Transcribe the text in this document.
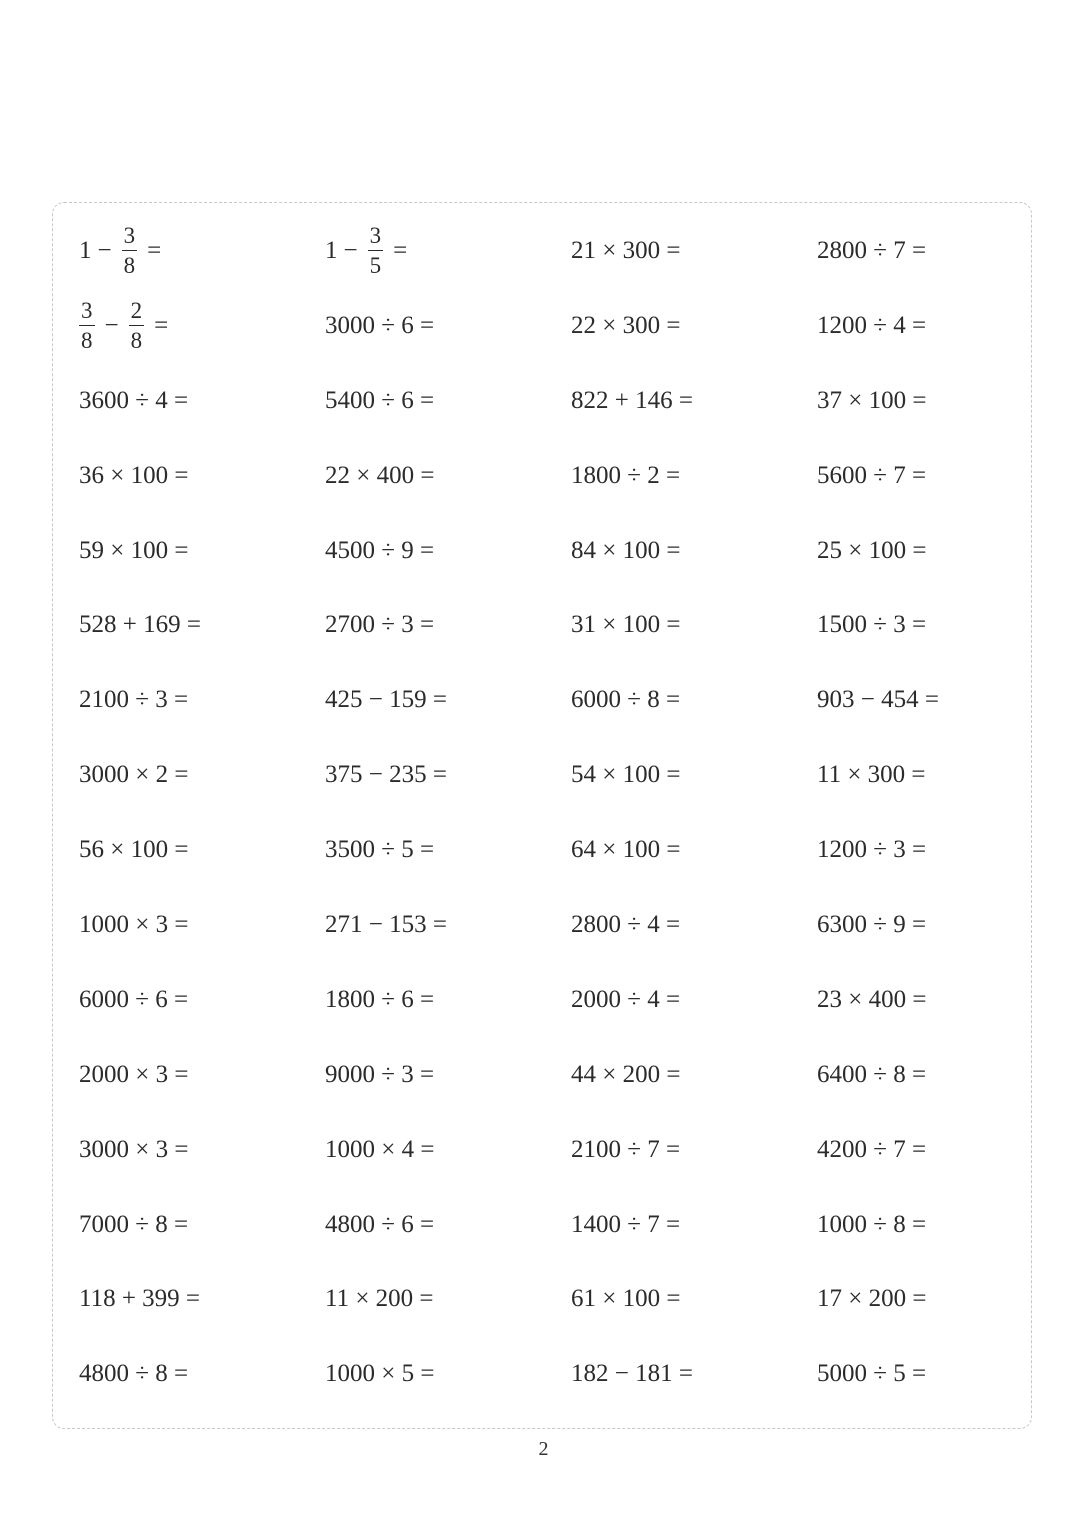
$1 - \frac{3}{8}$ =	$1 - \frac{3}{5}$ =	21 × 300 =	2800 ÷ 7 =
$\frac{3}{8} - \frac{2}{8}$ =	3000 ÷ 6 =	22 × 300 =	1200 ÷ 4 =
3600 ÷ 4 =	5400 ÷ 6 =	822 + 146 =	37 × 100 =
36 × 100 =	22 × 400 =	1800 ÷ 2 =	5600 ÷ 7 =
59 × 100 =	4500 ÷ 9 =	84 × 100 =	25 × 100 =
528 + 169 =	2700 ÷ 3 =	31 × 100 =	1500 ÷ 3 =
2100 ÷ 3 =	425 − 159 =	6000 ÷ 8 =	903 − 454 =
3000 × 2 =	375 − 235 =	54 × 100 =	11 × 300 =
56 × 100 =	3500 ÷ 5 =	64 × 100 =	1200 ÷ 3 =
1000 × 3 =	271 − 153 =	2800 ÷ 4 =	6300 ÷ 9 =
6000 ÷ 6 =	1800 ÷ 6 =	2000 ÷ 4 =	23 × 400 =
2000 × 3 =	9000 ÷ 3 =	44 × 200 =	6400 ÷ 8 =
3000 × 3 =	1000 × 4 =	2100 ÷ 7 =	4200 ÷ 7 =
7000 ÷ 8 =	4800 ÷ 6 =	1400 ÷ 7 =	1000 ÷ 8 =
118 + 399 =	11 × 200 =	61 × 100 =	17 × 200 =
4800 ÷ 8 =	1000 × 5 =	182 − 181 =	5000 ÷ 5 =
2
